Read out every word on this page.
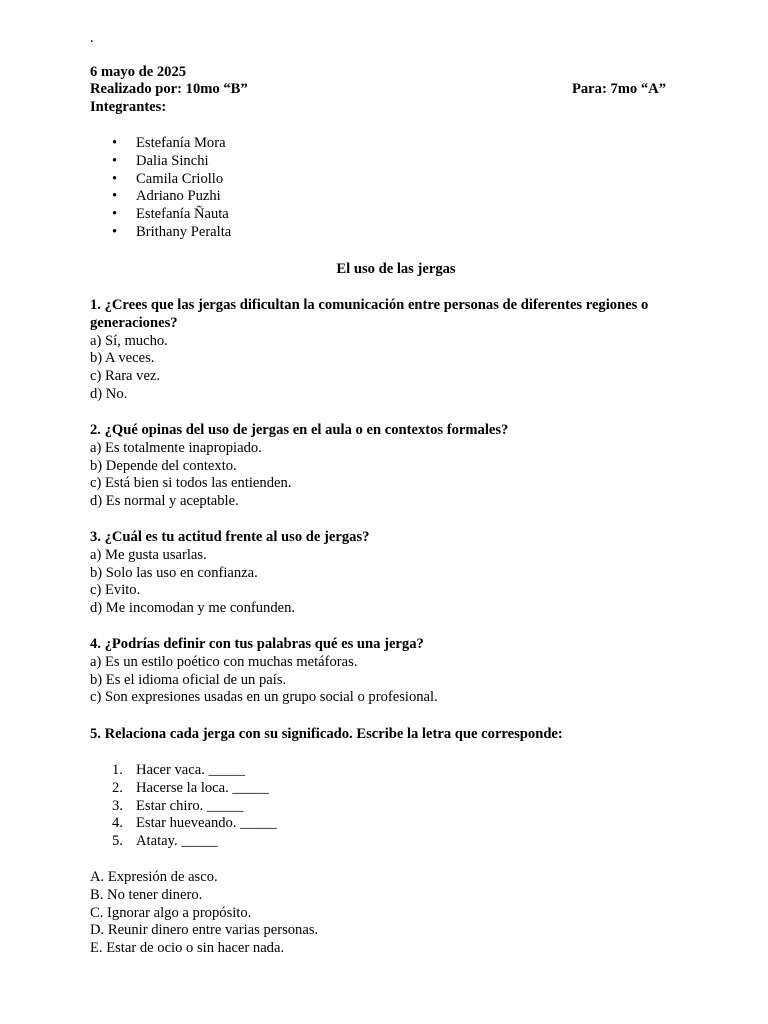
.
6 mayo de 2025
Realizado por: 10mo “B”	Para: 7mo “A”
Integrantes:
• Estefanía Mora
• Dalia Sinchi
• Camila Criollo
• Adriano Puzhi
• Estefanía Ñauta
• Brithany Peralta
El uso de las jergas
1. ¿Crees que las jergas dificultan la comunicación entre personas de diferentes regiones o generaciones?
a) Sí, mucho.
b) A veces.
c) Rara vez.
d) No.
2. ¿Qué opinas del uso de jergas en el aula o en contextos formales?
a) Es totalmente inapropiado.
b) Depende del contexto.
c) Está bien si todos las entienden.
d) Es normal y aceptable.
3. ¿Cuál es tu actitud frente al uso de jergas?
a) Me gusta usarlas.
b) Solo las uso en confianza.
c) Evito.
d) Me incomodan y me confunden.
4. ¿Podrías definir con tus palabras qué es una jerga?
a) Es un estilo poético con muchas metáforas.
b) Es el idioma oficial de un país.
c) Son expresiones usadas en un grupo social o profesional.
5. Relaciona cada jerga con su significado. Escribe la letra que corresponde:
1. Hacer vaca. _____
2. Hacerse la loca. _____
3. Estar chiro. _____
4. Estar hueveando. _____
5. Atatay. _____
A. Expresión de asco.
B. No tener dinero.
C. Ignorar algo a propósito.
D. Reunir dinero entre varias personas.
E. Estar de ocio o sin hacer nada.
